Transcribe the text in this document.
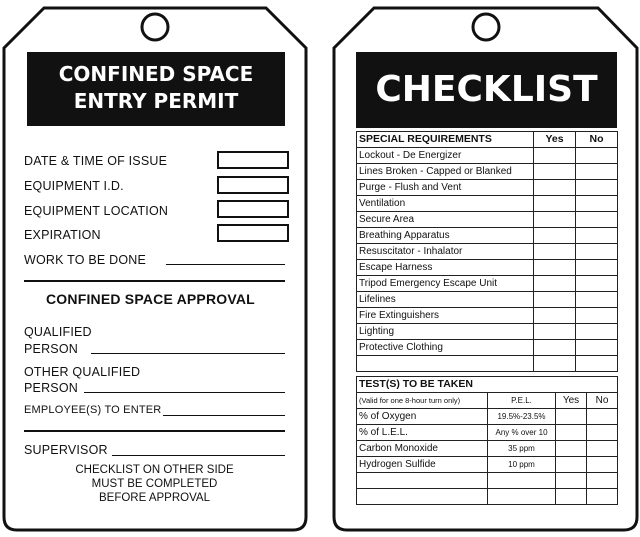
CONFINED SPACE
ENTRY PERMIT
DATE & TIME OF ISSUE
EQUIPMENT I.D.
EQUIPMENT LOCATION
EXPIRATION
WORK TO BE DONE
CONFINED SPACE APPROVAL
QUALIFIED
PERSON
OTHER QUALIFIED
PERSON
EMPLOYEE(S) TO ENTER
SUPERVISOR
CHECKLIST ON OTHER SIDE
MUST BE COMPLETED
BEFORE APPROVAL
CHECKLIST
SPECIAL REQUIREMENTS	Yes	No
Lockout - De Energizer		
Lines Broken - Capped or Blanked		
Purge - Flush and Vent		
Ventilation		
Secure Area		
Breathing Apparatus		
Resuscitator - Inhalator		
Escape Harness		
Tripod Emergency Escape Unit		
Lifelines		
Fire Extinguishers		
Lighting		
Protective Clothing		

TEST(S) TO BE TAKEN			
(Valid for one 8-hour turn only)	P.E.L.	Yes	No
% of Oxygen	19.5%-23.5%		
% of L.E.L.	Any % over 10		
Carbon Monoxide	35 ppm		
Hydrogen Sulfide	10 ppm		
